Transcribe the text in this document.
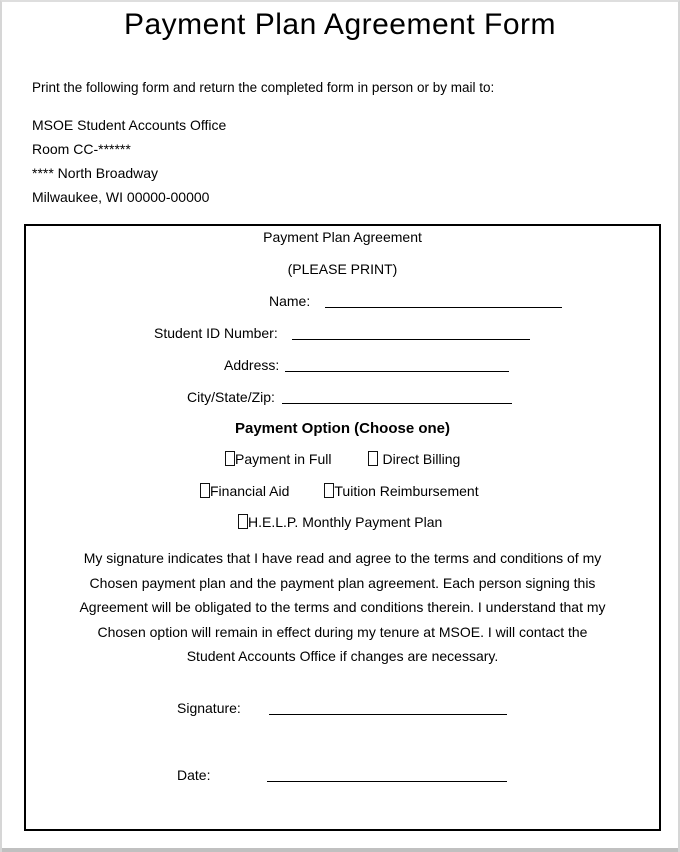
Payment Plan Agreement Form
Print the following form and return the completed form in person or by mail to:
MSOE Student Accounts Office
Room CC-******
**** North Broadway
Milwaukee, WI 00000-00000
Payment Plan Agreement
(PLEASE PRINT)
Name:
Student ID Number:
Address:
City/State/Zip:
Payment Option (Choose one)
Payment in Full	Direct Billing
Financial Aid	Tuition Reimbursement
H.E.L.P. Monthly Payment Plan
My signature indicates that I have read and agree to the terms and conditions of my
Chosen payment plan and the payment plan agreement. Each person signing this
Agreement will be obligated to the terms and conditions therein. I understand that my
Chosen option will remain in effect during my tenure at MSOE. I will contact the
Student Accounts Office if changes are necessary.
Signature:
Date:
